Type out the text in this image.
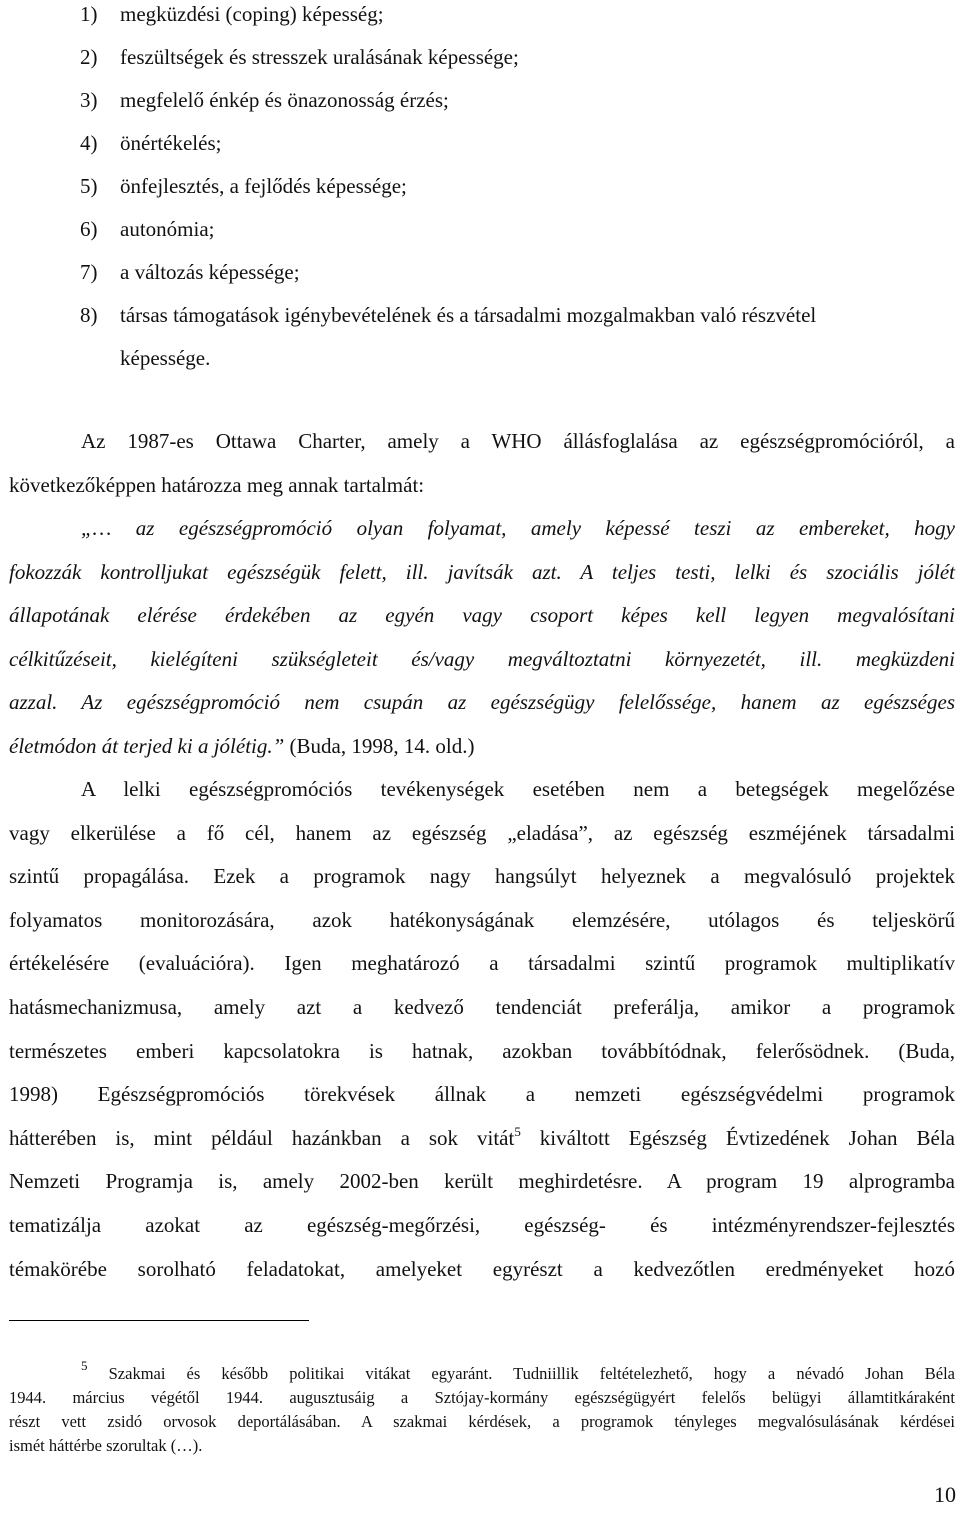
1) megküzdési (coping) képesség;
2) feszültségek és stresszek uralásának képessége;
3) megfelelő énkép és önazonosság érzés;
4) önértékelés;
5) önfejlesztés, a fejlődés képessége;
6) autonómia;
7) a változás képessége;
8) társas támogatások igénybevételének és a társadalmi mozgalmakban való részvétel
képessége.
Az 1987-es Ottawa Charter, amely a WHO állásfoglalása az egészségpromócióról, a
következőképpen határozza meg annak tartalmát:
„… az egészségpromóció olyan folyamat, amely képessé teszi az embereket, hogy
fokozzák kontrolljukat egészségük felett, ill. javítsák azt. A teljes testi, lelki és szociális jólét
állapotának elérése érdekében az egyén vagy csoport képes kell legyen megvalósítani
célkitűzéseit, kielégíteni szükségleteit és/vagy megváltoztatni környezetét, ill. megküzdeni
azzal. Az egészségpromóció nem csupán az egészségügy felelőssége, hanem az egészséges
életmódon át terjed ki a jólétig.” (Buda, 1998, 14. old.)
A lelki egészségpromóciós tevékenységek esetében nem a betegségek megelőzése
vagy elkerülése a fő cél, hanem az egészség „eladása”, az egészség eszméjének társadalmi
szintű propagálása. Ezek a programok nagy hangsúlyt helyeznek a megvalósuló projektek
folyamatos monitorozására, azok hatékonyságának elemzésére, utólagos és teljeskörű
értékelésére (evaluációra). Igen meghatározó a társadalmi szintű programok multiplikatív
hatásmechanizmusa, amely azt a kedvező tendenciát preferálja, amikor a programok
természetes emberi kapcsolatokra is hatnak, azokban továbbítódnak, felerősödnek. (Buda,
1998) Egészségpromóciós törekvések állnak a nemzeti egészségvédelmi programok
hátterében is, mint például hazánkban a sok vitát$^5$ kiváltott Egészség Évtizedének Johan Béla
Nemzeti Programja is, amely 2002-ben került meghirdetésre. A program 19 alprogramba
tematizálja azokat az egészség-megőrzési, egészség- és intézményrendszer-fejlesztés
témakörébe sorolható feladatokat, amelyeket egyrészt a kedvezőtlen eredményeket hozó
$^5$ Szakmai és később politikai vitákat egyaránt. Tudniillik feltételezhető, hogy a névadó Johan Béla
1944. március végétől 1944. augusztusáig a Sztójay-kormány egészségügyért felelős belügyi államtitkáraként
részt vett zsidó orvosok deportálásában. A szakmai kérdések, a programok tényleges megvalósulásának kérdései
ismét háttérbe szorultak (…).
10
